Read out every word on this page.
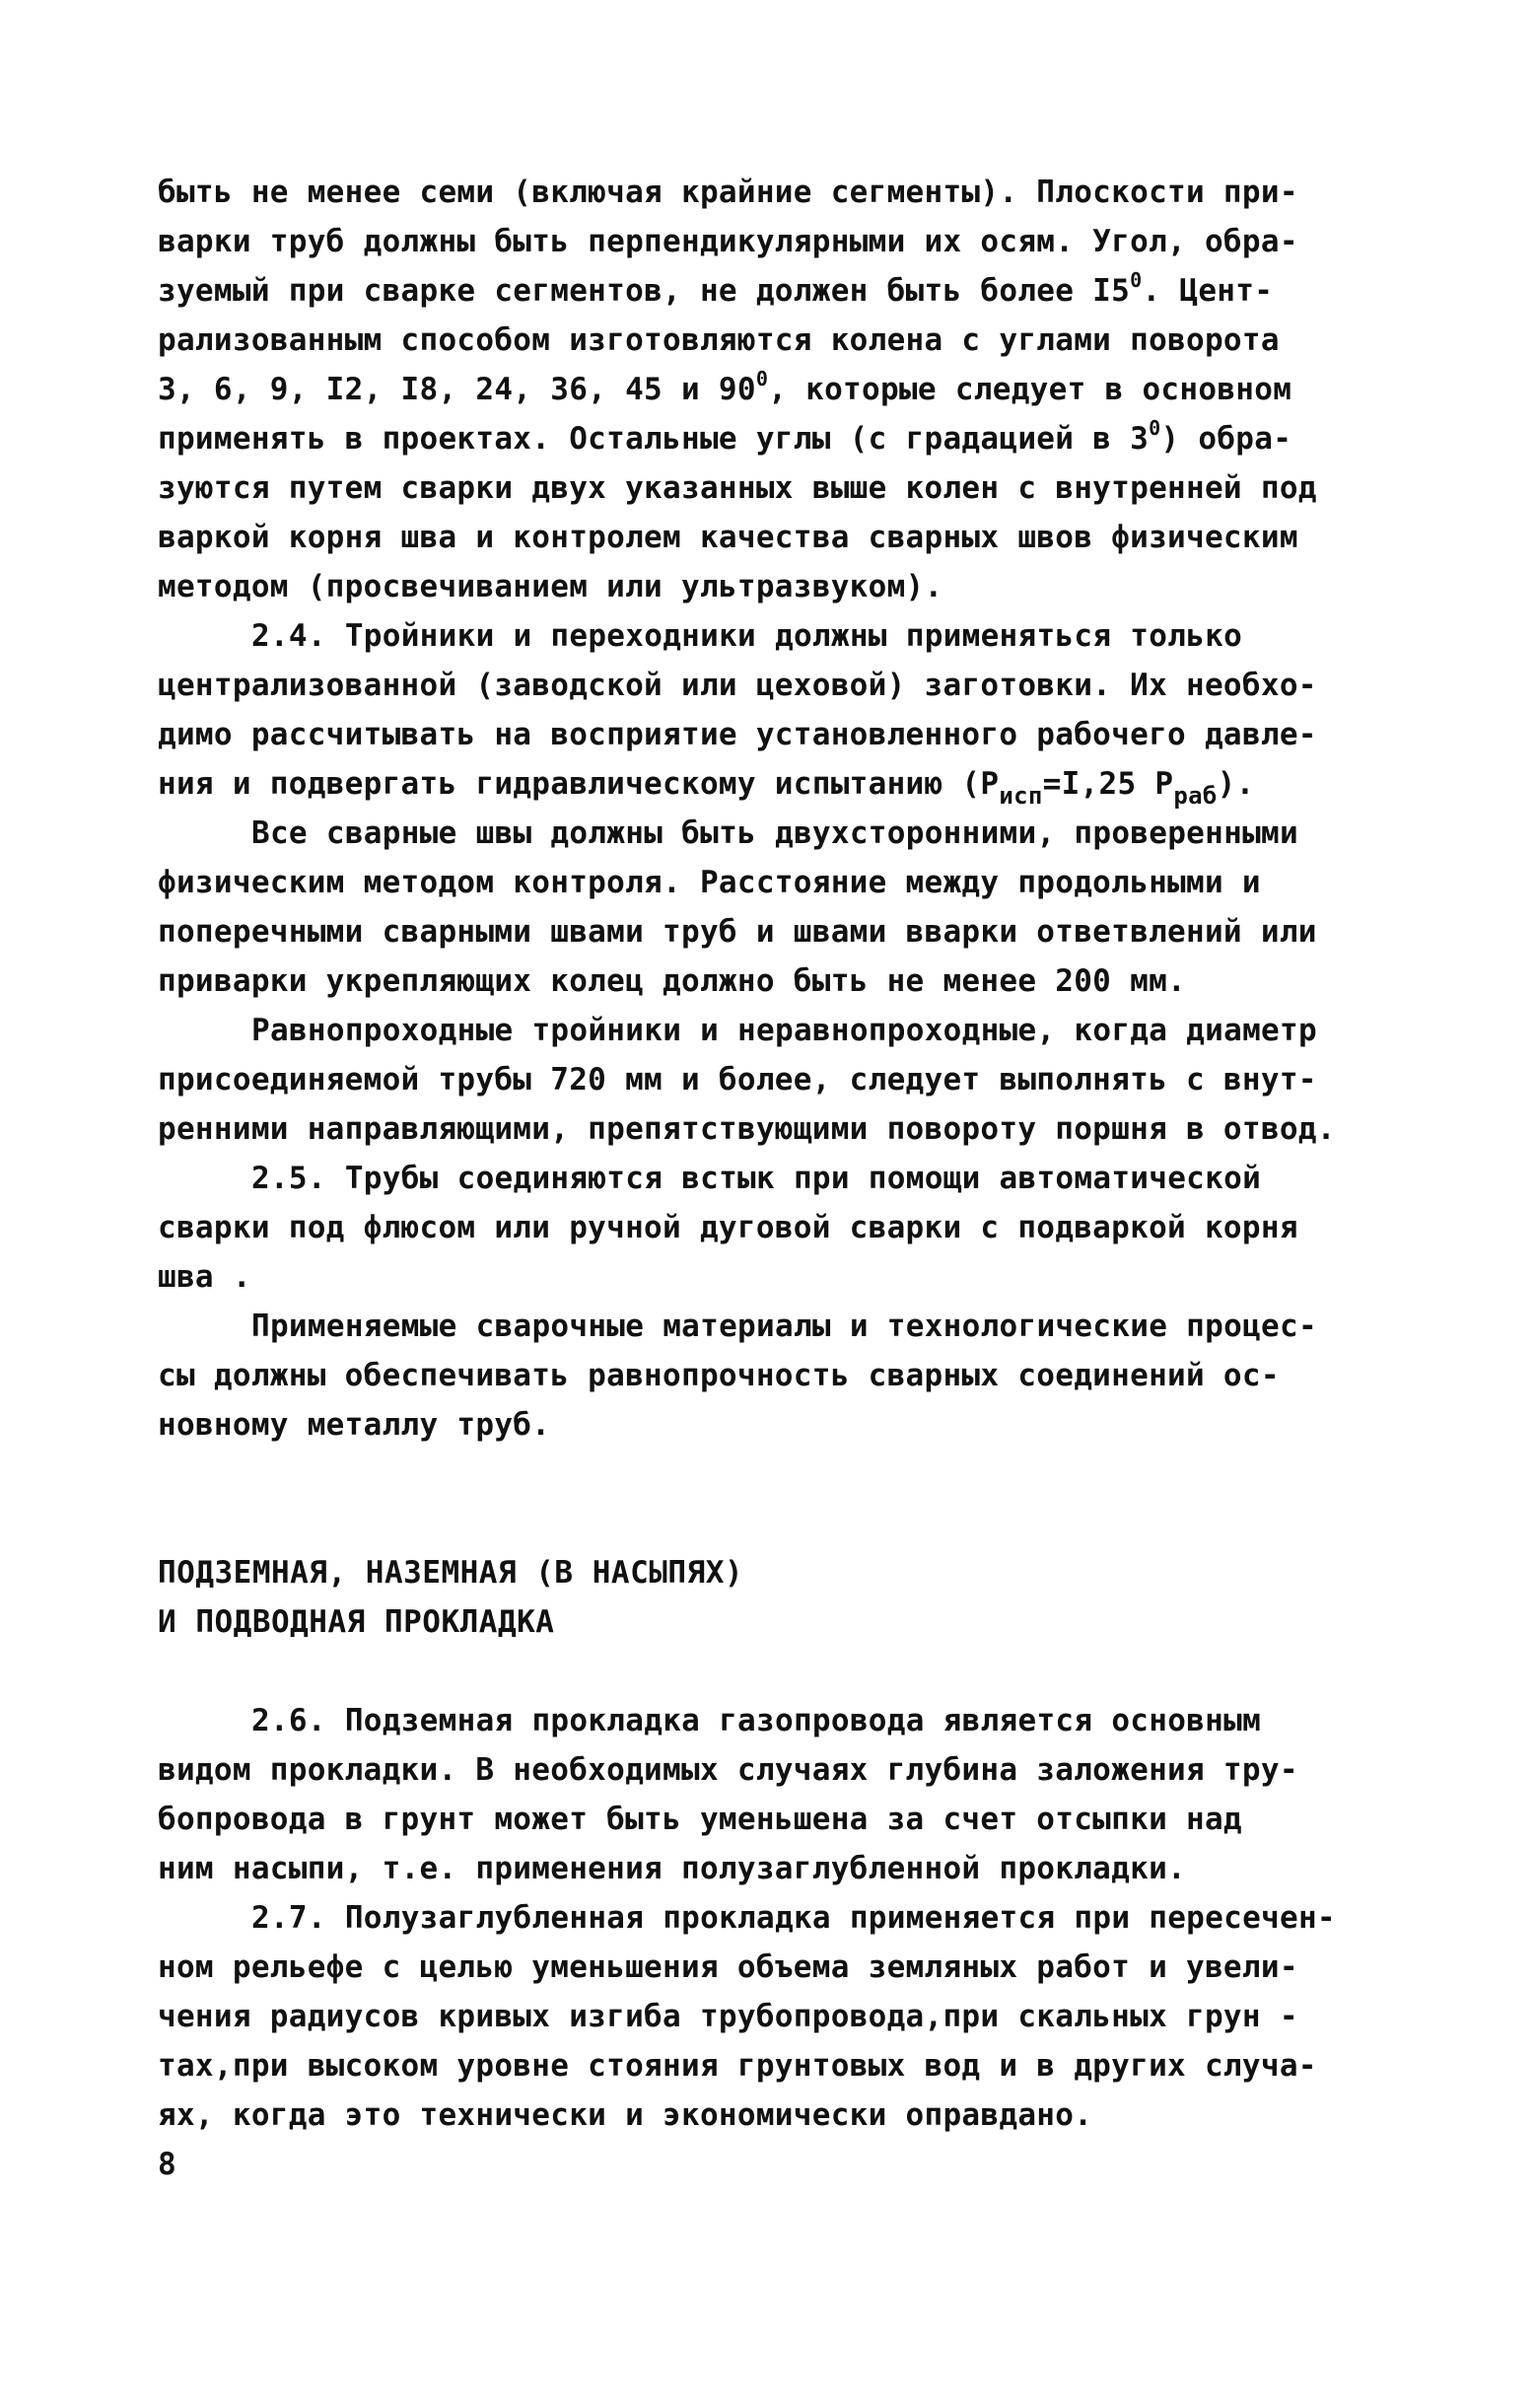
быть не менее семи (включая крайние сегменты). Плоскости при-
варки труб должны быть перпендикулярными их осям. Угол, обра-
зуемый при сварке сегментов, не должен быть более $I5^0$. Цент-
рализованным способом изготовляются колена с углами поворота
3, 6, 9, I2, I8, 24, 36, 45 и $90^0$, которые следует в основном
применять в проектах. Остальные углы (с градацией в $3^0$) обра-
зуются путем сварки двух указанных выше колен с внутренней под
варкой корня шва и контролем качества сварных швов физическим
методом (просвечиванием или ультразвуком).
2.4. Тройники и переходники должны применяться только
централизованной (заводской или цеховой) заготовки. Их необхо-
димо рассчитывать на восприятие установленного рабочего давле-
ния и подвергать гидравлическому испытанию ($P_{исп}=I,25$ $P_{раб}$).
Все сварные швы должны быть двухсторонними, проверенными
физическим методом контроля. Расстояние между продольными и
поперечными сварными швами труб и швами вварки ответвлений или
приварки укрепляющих колец должно быть не менее 200 мм.
Равнопроходные тройники и неравнопроходные, когда диаметр
присоединяемой трубы 720 мм и более, следует выполнять с внут-
ренними направляющими, препятствующими повороту поршня в отвод.
2.5. Трубы соединяются встык при помощи автоматической
сварки под флюсом или ручной дуговой сварки с подваркой корня
шва .
Применяемые сварочные материалы и технологические процес-
сы должны обеспечивать равнопрочность сварных соединений ос-
новному металлу труб.
ПОДЗЕМНАЯ, НАЗЕМНАЯ (В НАСЫПЯХ)
И ПОДВОДНАЯ ПРОКЛАДКА
2.6. Подземная прокладка газопровода является основным
видом прокладки. В необходимых случаях глубина заложения тру-
бопровода в грунт может быть уменьшена за счет отсыпки над
ним насыпи, т.е. применения полузаглубленной прокладки.
2.7. Полузаглубленная прокладка применяется при пересечен-
ном рельефе с целью уменьшения объема земляных работ и увели-
чения радиусов кривых изгиба трубопровода,при скальных грун -
тах,при высоком уровне стояния грунтовых вод и в других случа-
ях, когда это технически и экономически оправдано.
8
